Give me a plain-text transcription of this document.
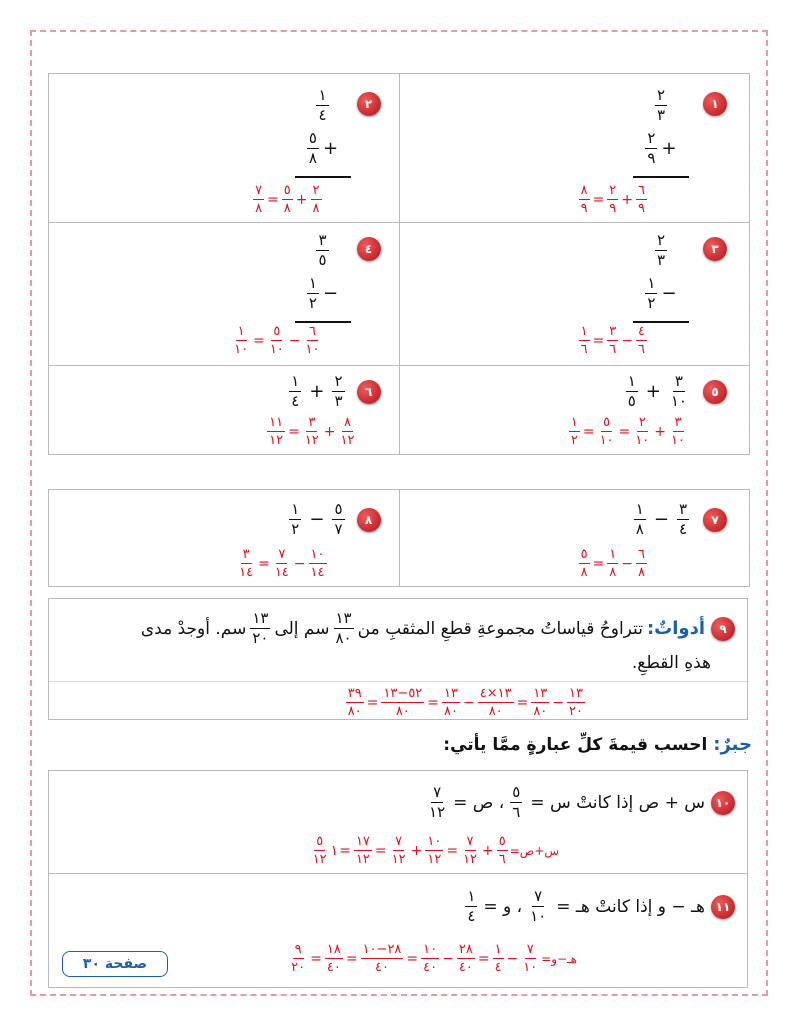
١
$\frac{٢}{٣}$
+
$\frac{٢}{٩}$
$\frac{٦}{٩}$
+
$\frac{٢}{٩}$
=
$\frac{٨}{٩}$
٢
$\frac{١}{٤}$
+
$\frac{٥}{٨}$
$\frac{٢}{٨}$
+
$\frac{٥}{٨}$
=
$\frac{٧}{٨}$
٣
$\frac{٢}{٣}$
−
$\frac{١}{٢}$
$\frac{٤}{٦}$
−
$\frac{٣}{٦}$
=
$\frac{١}{٦}$
٤
$\frac{٣}{٥}$
−
$\frac{١}{٢}$
$\frac{٦}{١٠}$
−
$\frac{٥}{١٠}$
=
$\frac{١}{١٠}$
٥
$\frac{٣}{١٠}$
+
$\frac{١}{٥}$
$\frac{٣}{١٠}$
+
$\frac{٢}{١٠}$
=
$\frac{٥}{١٠}$
=
$\frac{١}{٢}$
٦
$\frac{٢}{٣}$
+
$\frac{١}{٤}$
$\frac{٨}{١٢}$
+
$\frac{٣}{١٢}$
=
$\frac{١١}{١٢}$
٧
$\frac{٣}{٤}$
−
$\frac{١}{٨}$
$\frac{٦}{٨}$
−
$\frac{١}{٨}$
=
$\frac{٥}{٨}$
٨
$\frac{٥}{٧}$
−
$\frac{١}{٢}$
$\frac{١٠}{١٤}$
−
$\frac{٧}{١٤}$
=
$\frac{٣}{١٤}$
٩
أدواتٌ:
تتراوحُ قياساتُ مجموعةِ قطعِ المثقبِ من
$\frac{١٣}{٨٠}$
سم إلى
$\frac{١٣}{٢٠}$
سم. أوجدْ مدى
هذهِ القطعِ.
$\frac{١٣}{٢٠}$
−
$\frac{١٣}{٨٠}$
=
$\frac{١٣\times ٤}{٨٠}$
−
$\frac{١٣}{٨٠}$
=
$\frac{٥٢-١٣}{٨٠}$
=
$\frac{٣٩}{٨٠}$
جبرٌ:
احسب قيمةَ كلِّ عبارةٍ ممَّا يأتي:
١٠
س + ص إذا كانتْ س =
$\frac{٥}{٦}$
، ص =
$\frac{٧}{١٢}$
س+ص=
$\frac{٥}{٦}$
+
$\frac{٧}{١٢}$
=
$\frac{١٠}{١٢}$
+
$\frac{٧}{١٢}$
=
$\frac{١٧}{١٢}$
=
١
$\frac{٥}{١٢}$
١١
هـ − و إذا كانتْ هـ =
$\frac{٧}{١٠}$
، و =
$\frac{١}{٤}$
هـ−و=
$\frac{٧}{١٠}$
−
$\frac{١}{٤}$
=
$\frac{٢٨}{٤٠}$
−
$\frac{١٠}{٤٠}$
=
$\frac{٢٨-١٠}{٤٠}$
=
$\frac{١٨}{٤٠}$
=
$\frac{٩}{٢٠}$
صفحة ٣٠
